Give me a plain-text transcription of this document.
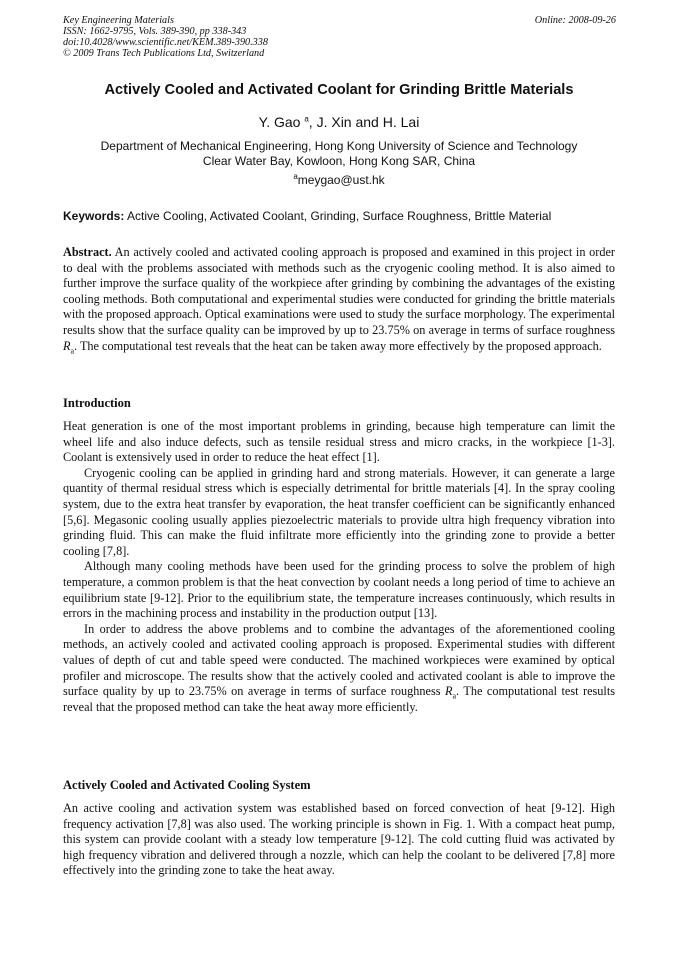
Key Engineering Materials
ISSN: 1662-9795, Vols. 389-390, pp 338-343
doi:10.4028/www.scientific.net/KEM.389-390.338
© 2009 Trans Tech Publications Ltd, Switzerland
Online: 2008-09-26
Actively Cooled and Activated Coolant for Grinding Brittle Materials
Y. Gao $^a$, J. Xin and H. Lai
Department of Mechanical Engineering, Hong Kong University of Science and Technology
Clear Water Bay, Kowloon, Hong Kong SAR, China
$^a$meygao@ust.hk
Keywords: Active Cooling, Activated Coolant, Grinding, Surface Roughness, Brittle Material

Abstract. An actively cooled and activated cooling approach is proposed and examined in this project in order to deal with the problems associated with methods such as the cryogenic cooling method. It is also aimed to further improve the surface quality of the workpiece after grinding by combining the advantages of the existing cooling methods. Both computational and experimental studies were conducted for grinding the brittle materials with the proposed approach. Optical examinations were used to study the surface morphology. The experimental results show that the surface quality can be improved by up to 23.75% on average in terms of surface roughness $R_a$. The computational test reveals that the heat can be taken away more effectively by the proposed approach.

Introduction

Heat generation is one of the most important problems in grinding, because high temperature can limit the wheel life and also induce defects, such as tensile residual stress and micro cracks, in the workpiece [1-3]. Coolant is extensively used in order to reduce the heat effect [1].

Cryogenic cooling can be applied in grinding hard and strong materials. However, it can generate a large quantity of thermal residual stress which is especially detrimental for brittle materials [4]. In the spray cooling system, due to the extra heat transfer by evaporation, the heat transfer coefficient can be significantly enhanced [5,6]. Megasonic cooling usually applies piezoelectric materials to provide ultra high frequency vibration into grinding fluid. This can make the fluid infiltrate more efficiently into the grinding zone to provide a better cooling [7,8].

Although many cooling methods have been used for the grinding process to solve the problem of high temperature, a common problem is that the heat convection by coolant needs a long period of time to achieve an equilibrium state [9-12]. Prior to the equilibrium state, the temperature increases continuously, which results in errors in the machining process and instability in the production output [13].

In order to address the above problems and to combine the advantages of the aforementioned cooling methods, an actively cooled and activated cooling approach is proposed. Experimental studies with different values of depth of cut and table speed were conducted. The machined workpieces were examined by optical profiler and microscope. The results show that the actively cooled and activated coolant is able to improve the surface quality by up to 23.75% on average in terms of surface roughness $R_a$. The computational test results reveal that the proposed method can take the heat away more efficiently.

Actively Cooled and Activated Cooling System

An active cooling and activation system was established based on forced convection of heat [9-12]. High frequency activation [7,8] was also used. The working principle is shown in Fig. 1. With a compact heat pump, this system can provide coolant with a steady low temperature [9-12]. The cold cutting fluid was activated by high frequency vibration and delivered through a nozzle, which can help the coolant to be delivered [7,8] more effectively into the grinding zone to take the heat away.
